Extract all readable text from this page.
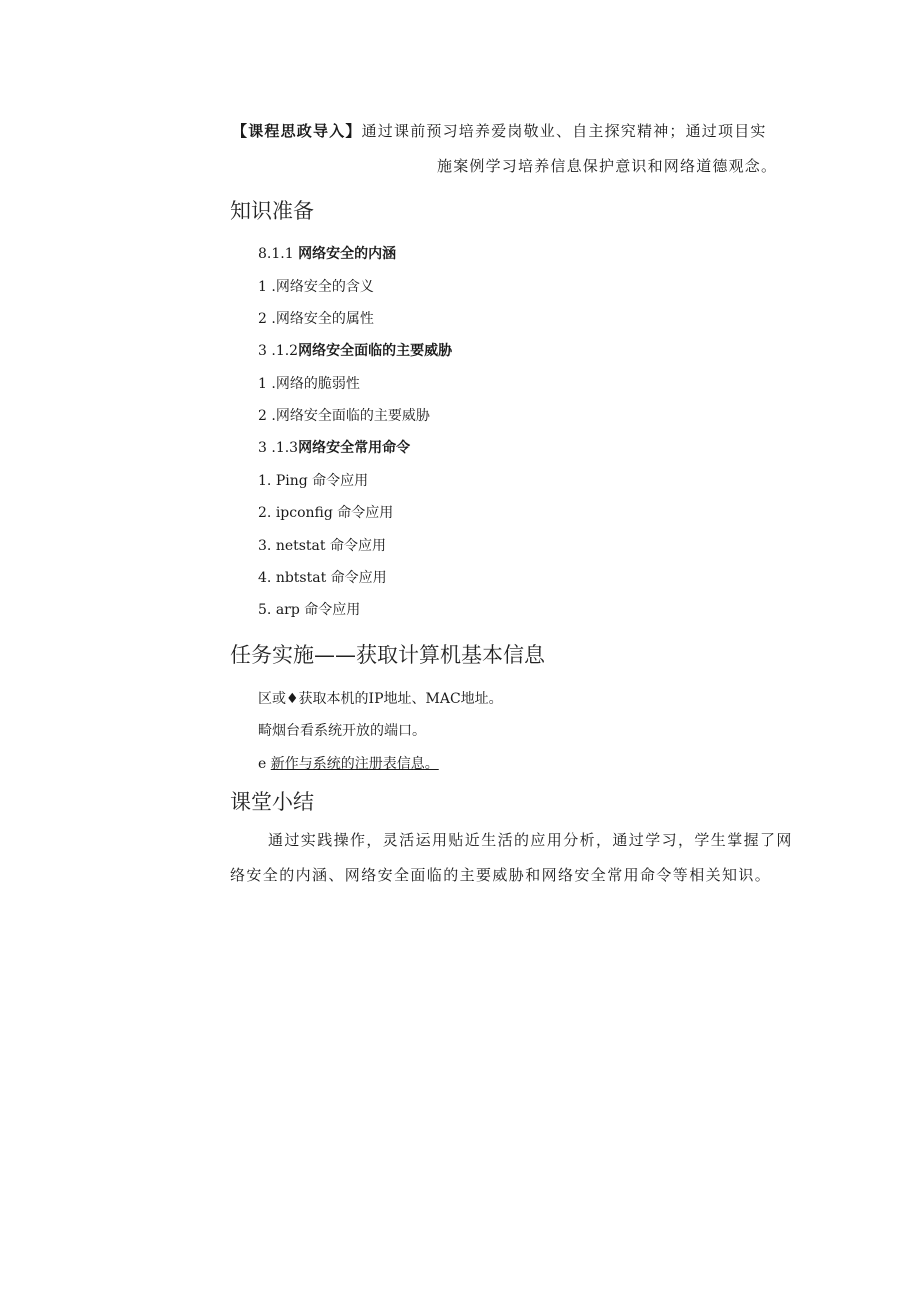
【课程思政导入】通过课前预习培养爱岗敬业、自主探究精神；通过项目实
施案例学习培养信息保护意识和网络道德观念。
知识准备
8.1.1 网络安全的内涵
1 .网络安全的含义
2 .网络安全的属性
3 .1.2网络安全面临的主要威胁
1 .网络的脆弱性
2 .网络安全面临的主要威胁
3 .1.3网络安全常用命令
1. Ping 命令应用
2. ipconfig 命令应用
3. netstat 命令应用
4. nbtstat 命令应用
5. arp 命令应用
任务实施——获取计算机基本信息
区或♦获取本机的IP地址、MAC地址。
畸烟台看系统开放的端口。
e 新作与系统的注册表信息。
课堂小结
通过实践操作，灵活运用贴近生活的应用分析，通过学习，学生掌握了网
络安全的内涵、网络安全面临的主要威胁和网络安全常用命令等相关知识。
